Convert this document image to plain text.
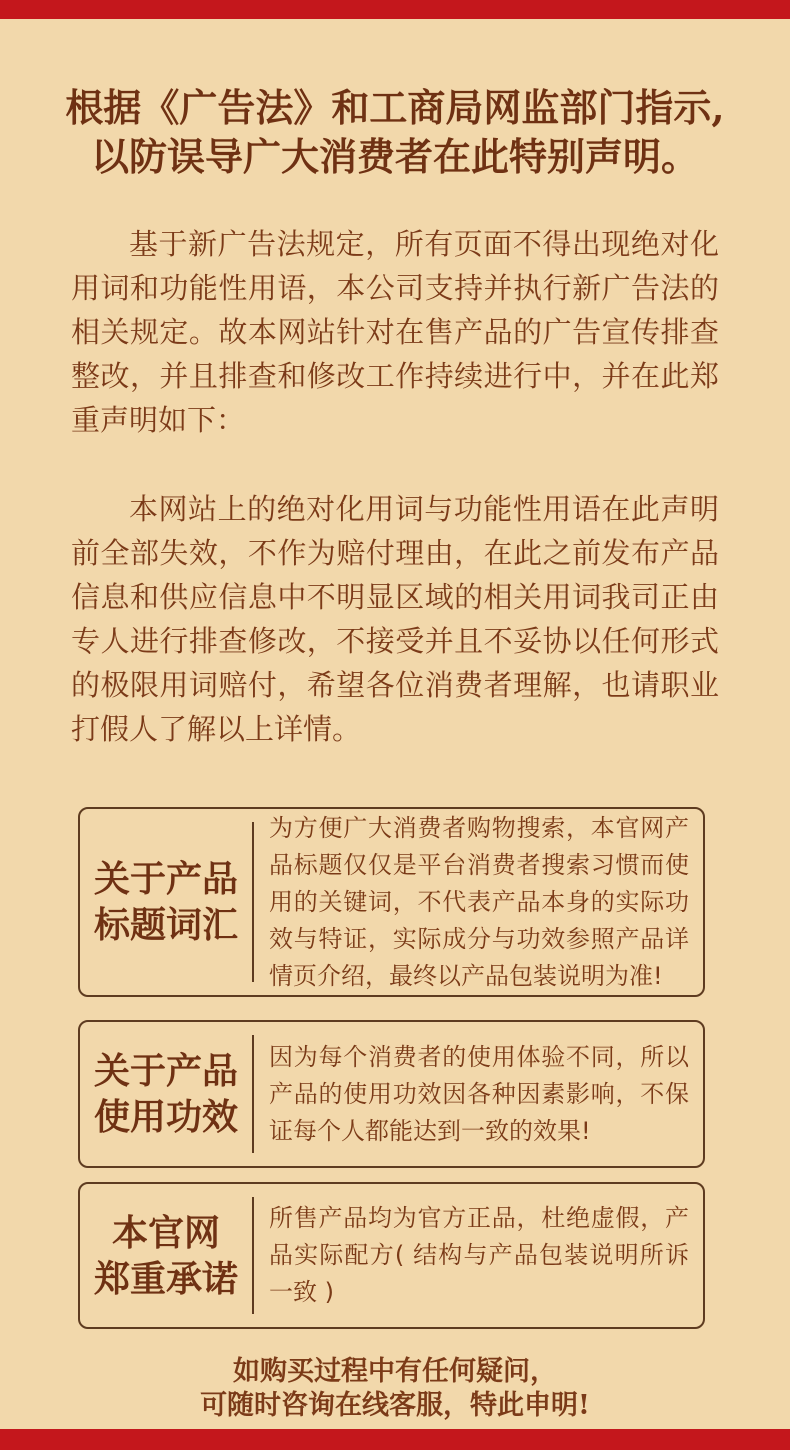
根据《广告法》和工商局网监部门指示,
以防误导广大消费者在此特别声明。

基于新广告法规定，所有页面不得出现绝对化用词和功能性用语，本公司支持并执行新广告法的相关规定。故本网站针对在售产品的广告宣传排查整改，并且排查和修改工作持续进行中，并在此郑重声明如下：

本网站上的绝对化用词与功能性用语在此声明前全部失效，不作为赔付理由，在此之前发布产品信息和供应信息中不明显区域的相关用词我司正由专人进行排查修改，不接受并且不妥协以任何形式的极限用词赔付，希望各位消费者理解，也请职业打假人了解以上详情。

关于产品
标题词汇
为方便广大消费者购物搜索，本官网产品标题仅仅是平台消费者搜索习惯而使用的关键词，不代表产品本身的实际功效与特证，实际成分与功效参照产品详情页介绍，最终以产品包装说明为准!
关于产品
使用功效
因为每个消费者的使用体验不同，所以产品的使用功效因各种因素影响，不保证每个人都能达到一致的效果!
本官网
郑重承诺
所售产品均为官方正品，杜绝虚假，产品实际配方( 结构与产品包装说明所诉一致 )
如购买过程中有任何疑问，
可随时咨询在线客服，特此申明!
